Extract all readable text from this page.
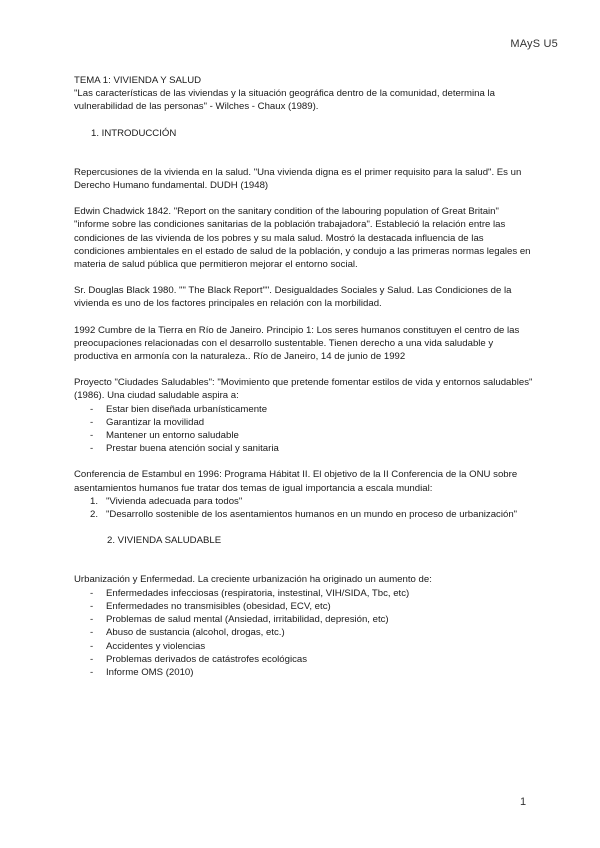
MAyS U5

TEMA 1: VIVIENDA Y SALUD

"Las características de las viviendas y la situación geográfica dentro de la comunidad, determina la vulnerabilidad de las personas" - Wilches - Chaux (1989).

1. INTRODUCCIÓN

Repercusiones de la vivienda en la salud. "Una vivienda digna es el primer requisito para la salud". Es un Derecho Humano fundamental. DUDH (1948)

Edwin Chadwick 1842. "Report on the sanitary condition of the labouring population of Great Britain" "informe sobre las condiciones sanitarias de la población trabajadora". Estableció la relación entre las condiciones de las vivienda de los pobres y su mala salud. Mostró la destacada influencia de las condiciones ambientales en el estado de salud de la población, y condujo a las primeras normas legales en materia de salud pública que permitieron mejorar el entorno social.

Sr. Douglas Black 1980. "" The Black Report"". Desigualdades Sociales y Salud. Las Condiciones de la vivienda es uno de los factores principales en relación con la morbilidad.

1992 Cumbre de la Tierra en Río de Janeiro. Principio 1: Los seres humanos constituyen el centro de las preocupaciones relacionadas con el desarrollo sustentable. Tienen derecho a una vida saludable y productiva en armonía con la naturaleza.. Río de Janeiro, 14 de junio de 1992

Proyecto "Ciudades Saludables": "Movimiento que pretende fomentar estilos de vida y entornos saludables" (1986). Una ciudad saludable aspira a:

- Estar bien diseñada urbanísticamente
- Garantizar la movilidad
- Mantener un entorno saludable
- Prestar buena atención social y sanitaria

Conferencia de Estambul en 1996: Programa Hábitat II. El objetivo de la II Conferencia de la ONU sobre asentamientos humanos fue tratar dos temas de igual importancia a escala mundial:

1. "Vivienda adecuada para todos"
2. "Desarrollo sostenible de los asentamientos humanos en un mundo en proceso de urbanización"

2. VIVIENDA SALUDABLE

Urbanización y Enfermedad. La creciente urbanización ha originado un aumento de:

- Enfermedades infecciosas (respiratoria, instestinal, VIH/SIDA, Tbc, etc)
- Enfermedades no transmisibles (obesidad, ECV, etc)
- Problemas de salud mental (Ansiedad, irritabilidad, depresión, etc)
- Abuso de sustancia (alcohol, drogas, etc.)
- Accidentes y violencias
- Problemas derivados de catástrofes ecológicas
- Informe OMS (2010)
1
